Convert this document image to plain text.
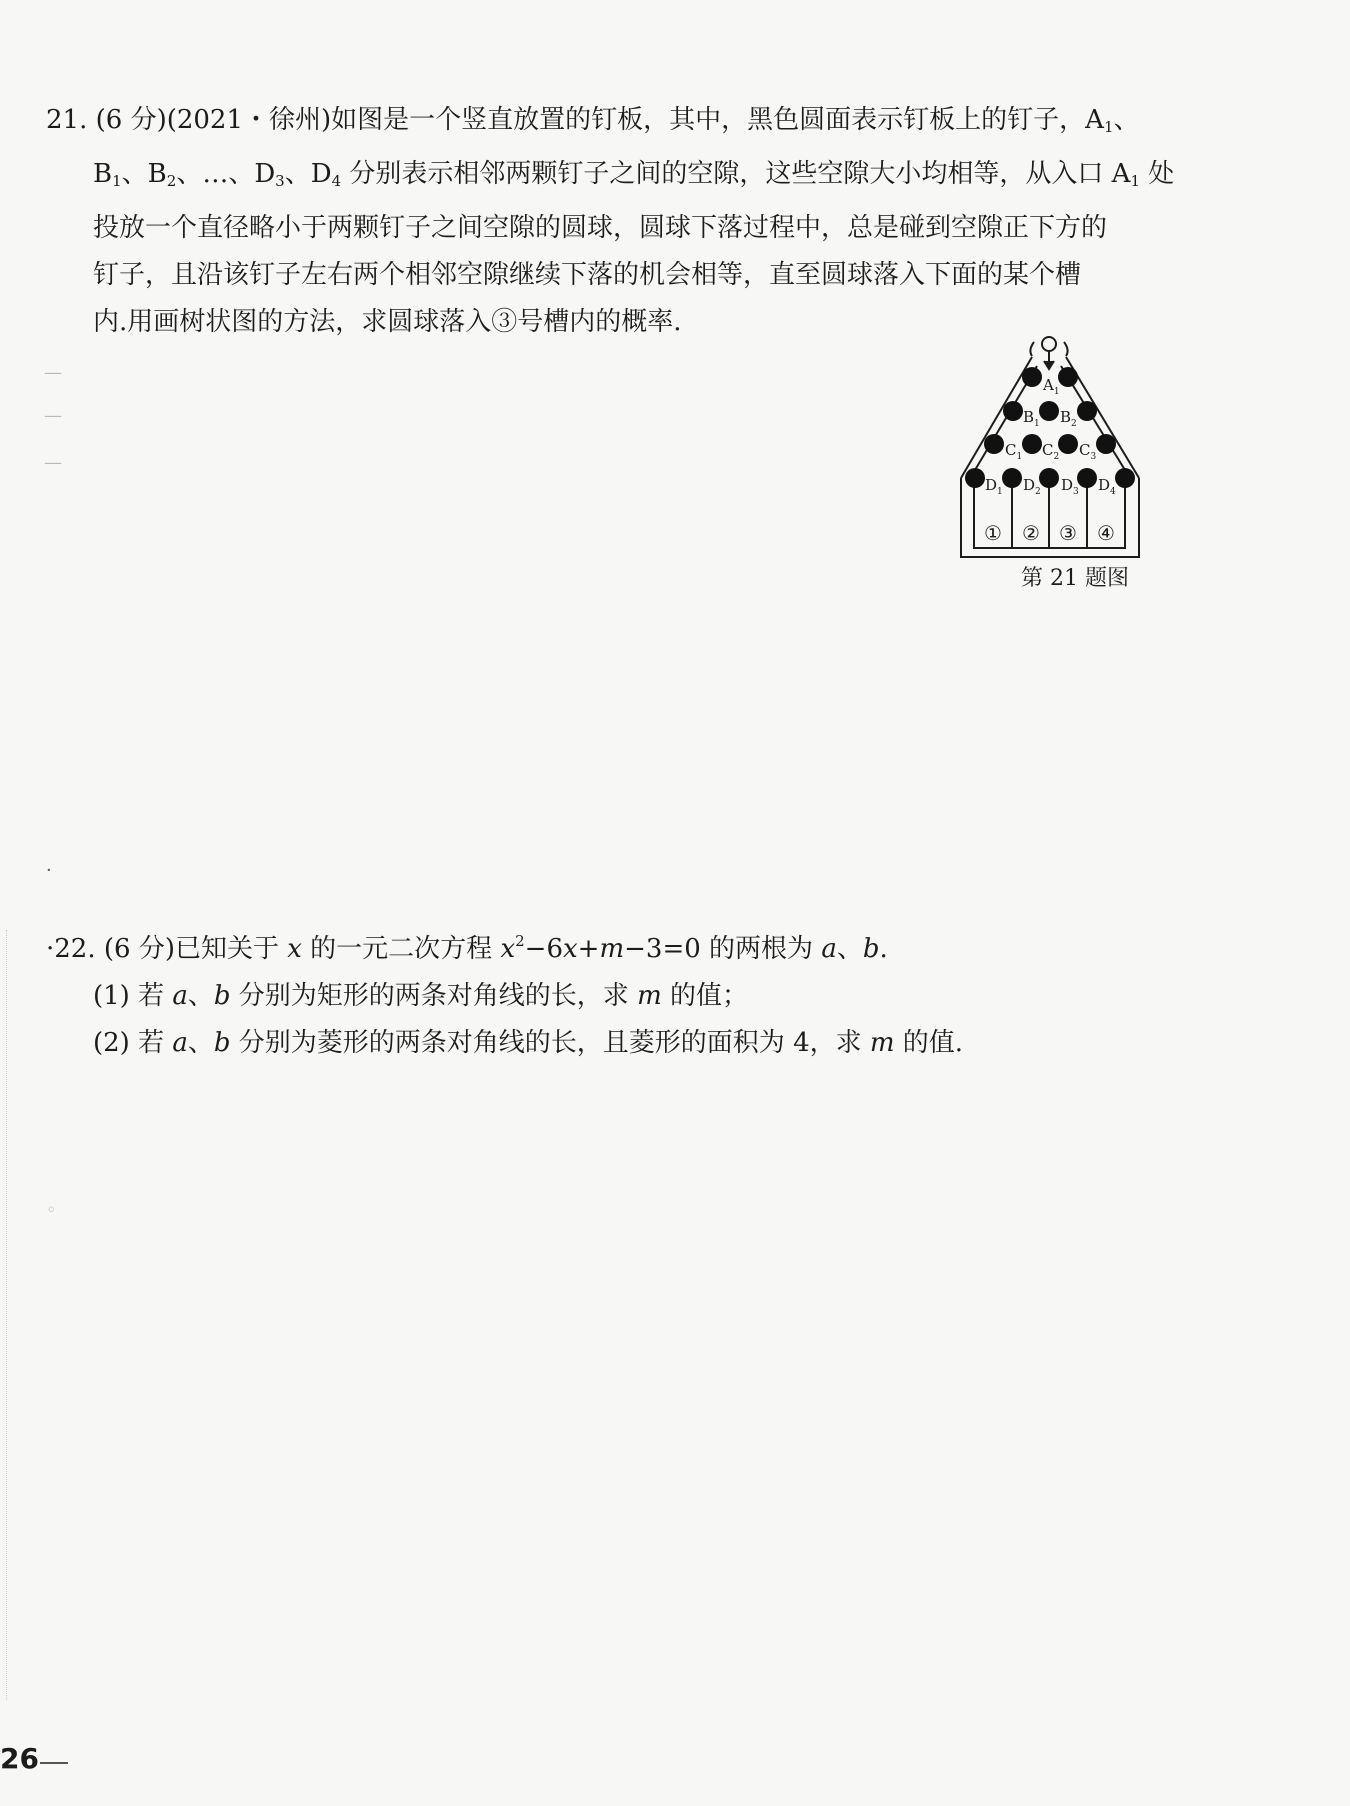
21. (6 分)(2021・徐州)如图是一个竖直放置的钉板，其中，黑色圆面表示钉板上的钉子，$A_1$、
$B_1$、$B_2$、…、$D_3$、$D_4$ 分别表示相邻两颗钉子之间的空隙，这些空隙大小均相等，从入口 $A_1$ 处
投放一个直径略小于两颗钉子之间空隙的圆球，圆球下落过程中，总是碰到空隙正下方的
钉子，且沿该钉子左右两个相邻空隙继续下落的机会相等，直至圆球落入下面的某个槽
内.用画树状图的方法，求圆球落入③号槽内的概率.
$A_1$
$B_1$ $B_2$
$C_1$ $C_2$ $C_3$
$D_1$ $D_2$ $D_3$ $D_4$
① ② ③ ④
第 21 题图
·22. (6 分)已知关于 x 的一元二次方程 $x^2-6x+m-3=0$ 的两根为 a、b.
(1) 若 a、b 分别为矩形的两条对角线的长，求 m 的值；
(2) 若 a、b 分别为菱形的两条对角线的长，且菱形的面积为 4，求 m 的值.
—
—
—
·
◦
26
